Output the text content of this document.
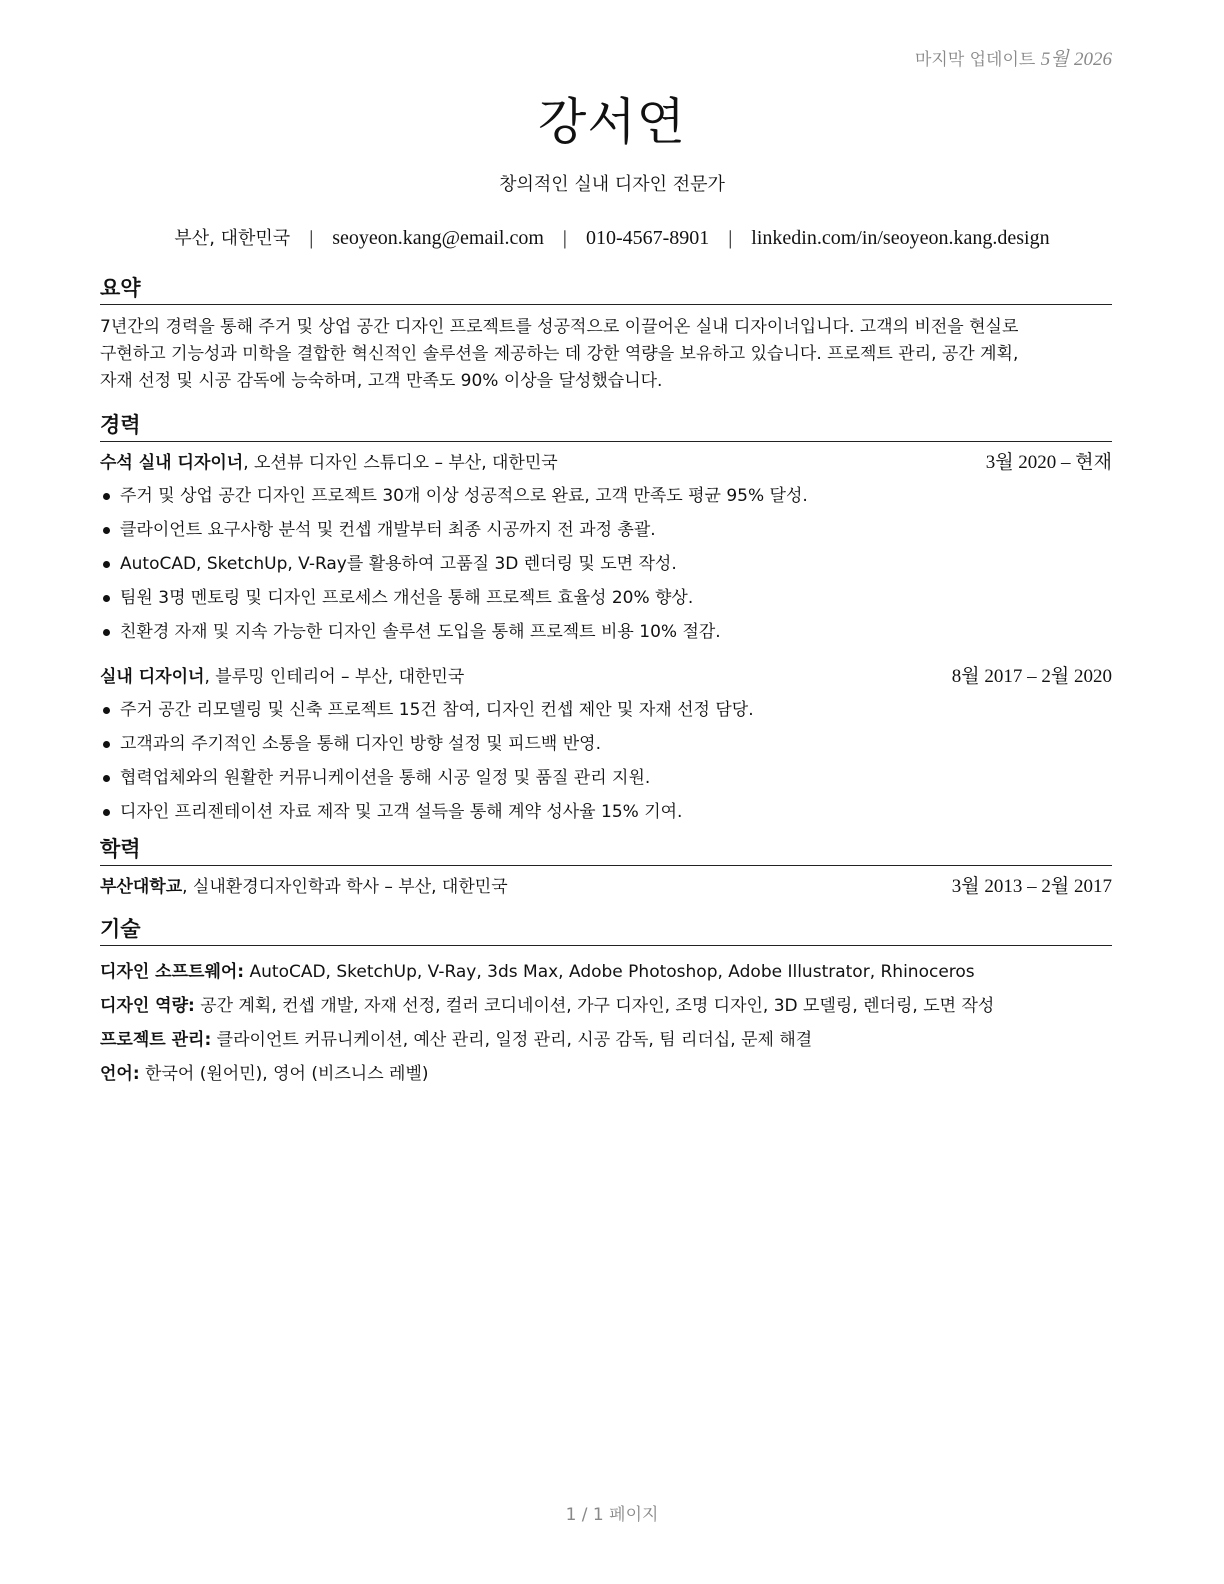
마지막 업데이트 5월 2026
강서연
창의적인 실내 디자인 전문가
부산, 대한민국 | seoyeon.kang@email.com | 010-4567-8901 | linkedin.com/in/seoyeon.kang.design
요약
7년간의 경력을 통해 주거 및 상업 공간 디자인 프로젝트를 성공적으로 이끌어온 실내 디자이너입니다. 고객의 비전을 현실로
구현하고 기능성과 미학을 결합한 혁신적인 솔루션을 제공하는 데 강한 역량을 보유하고 있습니다. 프로젝트 관리, 공간 계획,
자재 선정 및 시공 감독에 능숙하며, 고객 만족도 90% 이상을 달성했습니다.
경력
수석 실내 디자이너, 오션뷰 디자인 스튜디오 – 부산, 대한민국	3월 2020 – 현재
주거 및 상업 공간 디자인 프로젝트 30개 이상 성공적으로 완료, 고객 만족도 평균 95% 달성.
클라이언트 요구사항 분석 및 컨셉 개발부터 최종 시공까지 전 과정 총괄.
AutoCAD, SketchUp, V-Ray를 활용하여 고품질 3D 렌더링 및 도면 작성.
팀원 3명 멘토링 및 디자인 프로세스 개선을 통해 프로젝트 효율성 20% 향상.
친환경 자재 및 지속 가능한 디자인 솔루션 도입을 통해 프로젝트 비용 10% 절감.
실내 디자이너, 블루밍 인테리어 – 부산, 대한민국	8월 2017 – 2월 2020
주거 공간 리모델링 및 신축 프로젝트 15건 참여, 디자인 컨셉 제안 및 자재 선정 담당.
고객과의 주기적인 소통을 통해 디자인 방향 설정 및 피드백 반영.
협력업체와의 원활한 커뮤니케이션을 통해 시공 일정 및 품질 관리 지원.
디자인 프리젠테이션 자료 제작 및 고객 설득을 통해 계약 성사율 15% 기여.
학력
부산대학교, 실내환경디자인학과 학사 – 부산, 대한민국	3월 2013 – 2월 2017
기술
디자인 소프트웨어: AutoCAD, SketchUp, V-Ray, 3ds Max, Adobe Photoshop, Adobe Illustrator, Rhinoceros
디자인 역량: 공간 계획, 컨셉 개발, 자재 선정, 컬러 코디네이션, 가구 디자인, 조명 디자인, 3D 모델링, 렌더링, 도면 작성
프로젝트 관리: 클라이언트 커뮤니케이션, 예산 관리, 일정 관리, 시공 감독, 팀 리더십, 문제 해결
언어: 한국어 (원어민), 영어 (비즈니스 레벨)
1 / 1 페이지
